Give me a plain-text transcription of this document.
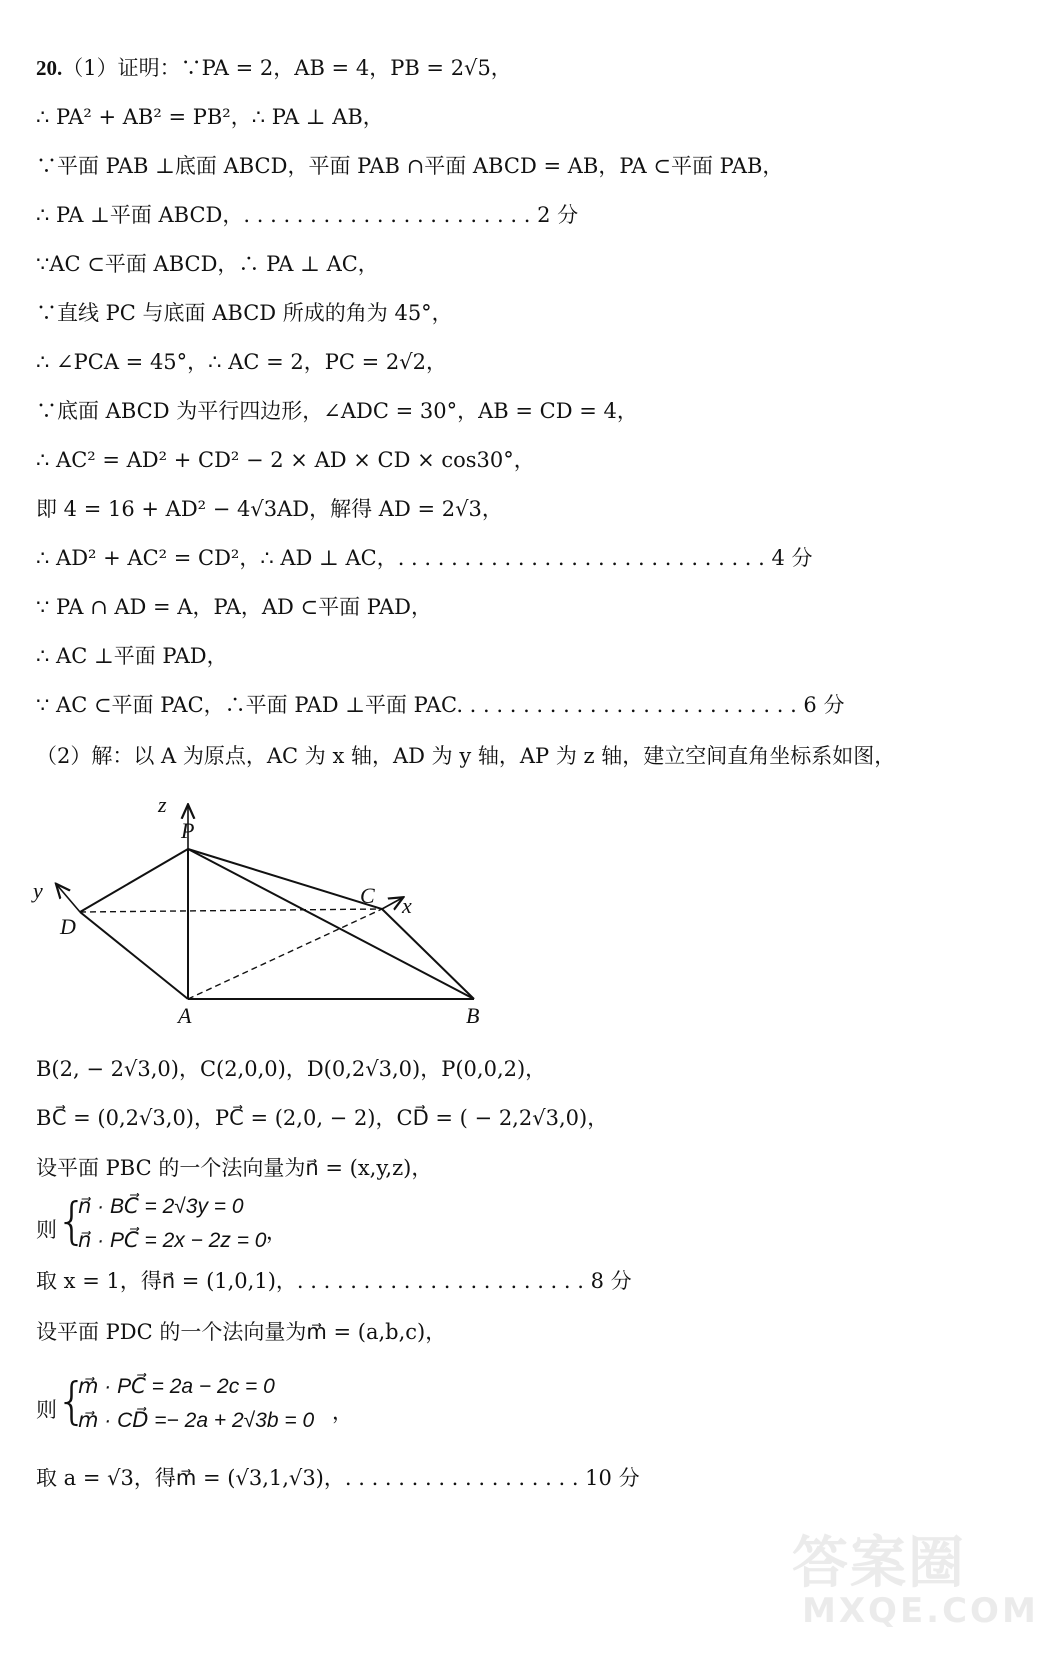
20.（1）证明：∵PA = 2，AB = 4，PB = 2√5，
∴ PA² + AB² = PB²，∴ PA ⊥ AB，
∵平面 PAB ⊥底面 ABCD，平面 PAB ∩平面 ABCD = AB，PA ⊂平面 PAB，
∴ PA ⊥平面 ABCD，. . . . . . . . . . . . . . . . . . . . . . 2 分
∵AC ⊂平面 ABCD，∴ PA ⊥ AC，
∵直线 PC 与底面 ABCD 所成的角为 45°，
∴ ∠PCA = 45°，∴ AC = 2，PC = 2√2，
∵底面 ABCD 为平行四边形，∠ADC = 30°，AB = CD = 4，
∴ AC² = AD² + CD² − 2 × AD × CD × cos30°，
即 4 = 16 + AD² − 4√3AD，解得 AD = 2√3，
∴ AD² + AC² = CD²，∴ AD ⊥ AC，. . . . . . . . . . . . . . . . . . . . . . . . . . . . 4 分
∵ PA ∩ AD = A，PA，AD ⊂平面 PAD，
∴ AC ⊥平面 PAD，
∵ AC ⊂平面 PAC，∴平面 PAD ⊥平面 PAC. . . . . . . . . . . . . . . . . . . . . . . . . . 6 分
（2）解：以 A 为原点，AC 为 x 轴，AD 为 y 轴，AP 为 z 轴，建立空间直角坐标系如图，
z
P
y
D
C x
A	B
B(2, − 2√3,0)，C(2,0,0)，D(0,2√3,0)，P(0,0,2)，
BC⃗ = (0,2√3,0)，PC⃗ = (2,0, − 2)，CD⃗ = ( − 2,2√3,0)，
设平面 PBC 的一个法向量为n⃗ = (x,y,z)，
则 {
n⃗ · BC⃗ = 2√3y = 0
n⃗ · PC⃗ = 2x − 2z = 0 ，
取 x = 1，得n⃗ = (1,0,1)，. . . . . . . . . . . . . . . . . . . . . . 8 分
设平面 PDC 的一个法向量为m⃗ = (a,b,c)，
则 {
m⃗ · PC⃗ = 2a − 2c = 0
m⃗ · CD⃗ =− 2a + 2√3b = 0 ，
取 a = √3，得m⃗ = (√3,1,√3)，. . . . . . . . . . . . . . . . . . 10 分
答案圈
MXQE.COM
